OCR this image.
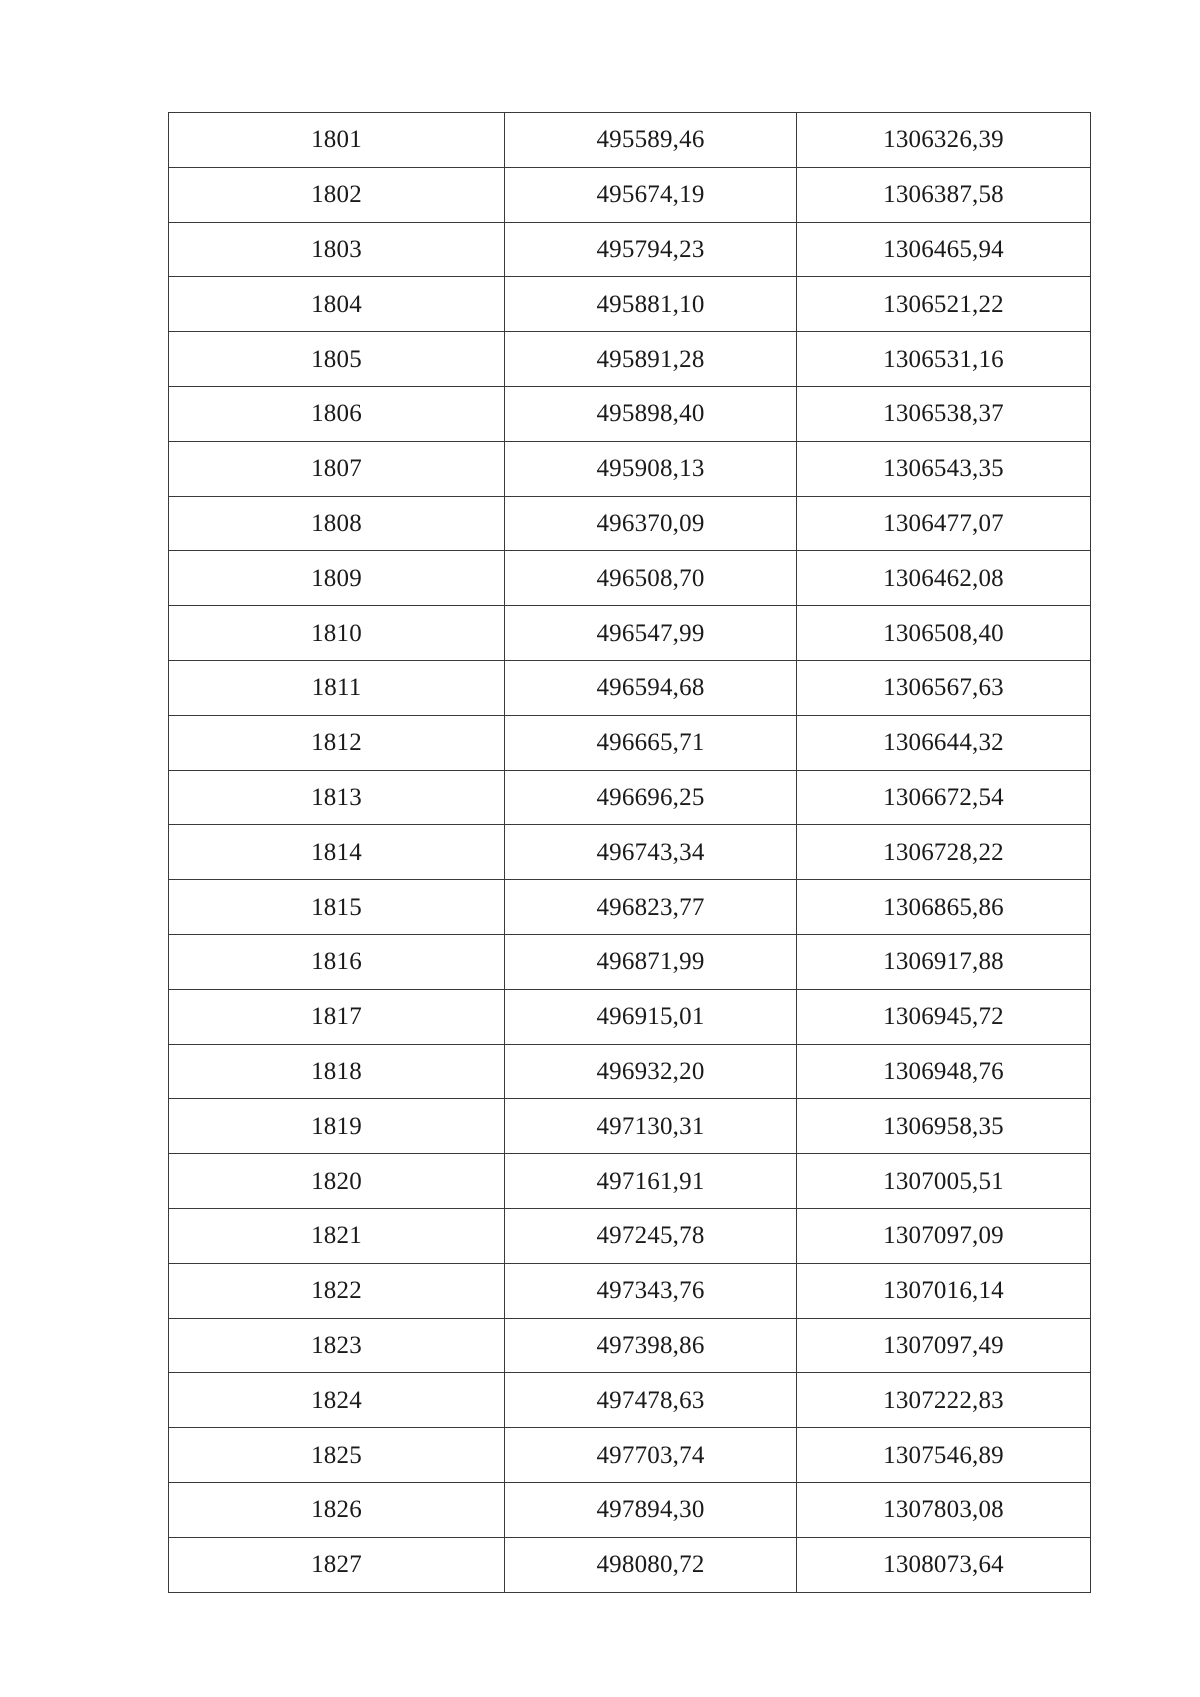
1801	495589,46	1306326,39
1802	495674,19	1306387,58
1803	495794,23	1306465,94
1804	495881,10	1306521,22
1805	495891,28	1306531,16
1806	495898,40	1306538,37
1807	495908,13	1306543,35
1808	496370,09	1306477,07
1809	496508,70	1306462,08
1810	496547,99	1306508,40
1811	496594,68	1306567,63
1812	496665,71	1306644,32
1813	496696,25	1306672,54
1814	496743,34	1306728,22
1815	496823,77	1306865,86
1816	496871,99	1306917,88
1817	496915,01	1306945,72
1818	496932,20	1306948,76
1819	497130,31	1306958,35
1820	497161,91	1307005,51
1821	497245,78	1307097,09
1822	497343,76	1307016,14
1823	497398,86	1307097,49
1824	497478,63	1307222,83
1825	497703,74	1307546,89
1826	497894,30	1307803,08
1827	498080,72	1308073,64
